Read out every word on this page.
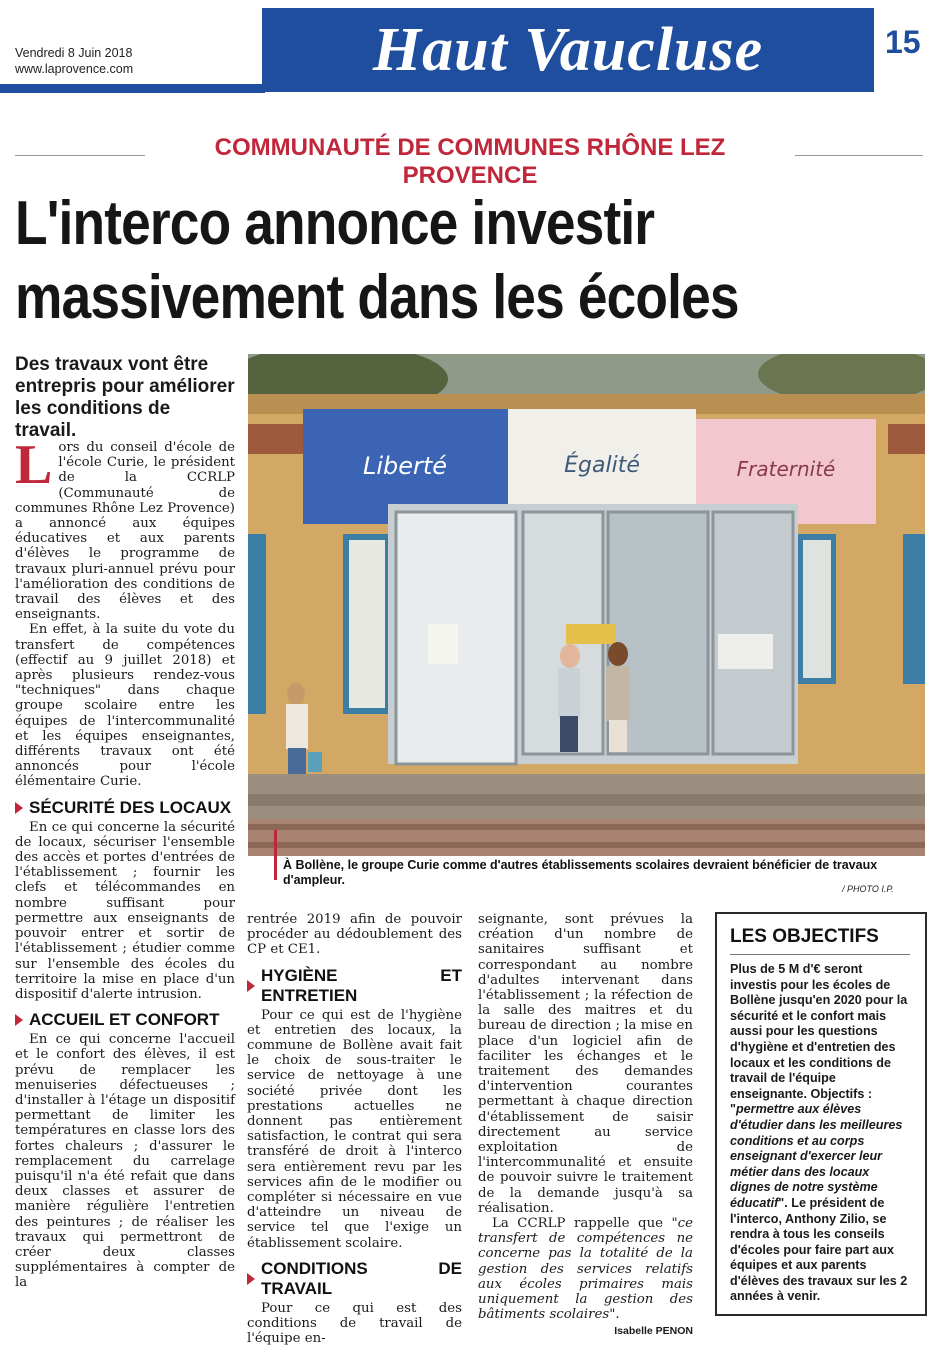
Vendredi 8 Juin 2018
www.laprovence.com	Haut Vaucluse	15
COMMUNAUTÉ DE COMMUNES RHÔNE LEZ PROVENCE
L'interco annonce investir
massivement dans les écoles
Des travaux vont être entrepris pour améliorer les conditions de travail.
Liberté	Égalité	Fraternité
À Bollène, le groupe Curie comme d'autres établissements scolaires devraient bénéficier de travaux d'ampleur.
/ PHOTO I.P.
L ors du conseil d'école de l'école Curie, le président de la CCRLP (Communauté de communes Rhône Lez Provence) a annoncé aux équipes éducatives et aux parents d'élèves le programme de travaux pluri-annuel prévu pour l'amélioration des conditions de travail des élèves et des enseignants.

En effet, à la suite du vote du transfert de compétences (effectif au 9 juillet 2018) et après plusieurs rendez-vous "techniques" dans chaque groupe scolaire entre les équipes de l'intercommunalité et les équipes enseignantes, différents travaux ont été annoncés pour l'école élémentaire Curie.

SÉCURITÉ DES LOCAUX

En ce qui concerne la sécurité de locaux, sécuriser l'ensemble des accès et portes d'entrées de l'établissement ; fournir les clefs et télécommandes en nombre suffisant pour permettre aux enseignants de pouvoir entrer et sortir de l'établissement ; étudier comme sur l'ensemble des écoles du territoire la mise en place d'un dispositif d'alerte intrusion.

ACCUEIL ET CONFORT

En ce qui concerne l'accueil et le confort des élèves, il est prévu de remplacer les menuiseries défectueuses ; d'installer à l'étage un dispositif permettant de limiter les températures en classe lors des fortes chaleurs ; d'assurer le remplacement du carrelage puisqu'il n'a été refait que dans deux classes et assurer de manière régulière l'entretien des peintures ; de réaliser les travaux qui permettront de créer deux classes supplémentaires à compter de la

rentrée 2019 afin de pouvoir procéder au dédoublement des CP et CE1.

HYGIÈNE ET ENTRETIEN

Pour ce qui est de l'hygiène et entretien des locaux, la commune de Bollène avait fait le choix de sous-traiter le service de nettoyage à une société privée dont les prestations actuelles ne donnent pas entièrement satisfaction, le contrat qui sera transféré de droit à l'interco sera entièrement revu par les services afin de le modifier ou compléter si nécessaire en vue d'atteindre un niveau de service tel que l'exige un établissement scolaire.

CONDITIONS DE TRAVAIL

Pour ce qui est des conditions de travail de l'équipe en-

seignante, sont prévues la création d'un nombre de sanitaires suffisant et correspondant au nombre d'adultes intervenant dans l'établissement ; la réfection de la salle des maitres et du bureau de direction ; la mise en place d'un logiciel afin de faciliter les échanges et le traitement des demandes d'intervention courantes permettant à chaque direction d'établissement de saisir directement au service exploitation de l'intercommunalité et ensuite de pouvoir suivre le traitement de la demande jusqu'à sa réalisation.

La CCRLP rappelle que "ce transfert de compétences ne concerne pas la totalité de la gestion des services relatifs aux écoles primaires mais uniquement la gestion des bâtiments scolaires".

Isabelle PENON
LES OBJECTIFS
Plus de 5 M d'€ seront investis pour les écoles de Bollène jusqu'en 2020 pour la sécurité et le confort mais aussi pour les questions d'hygiène et d'entretien des locaux et les conditions de travail de l'équipe enseignante. Objectifs : "permettre aux élèves d'étudier dans les meilleures conditions et au corps enseignant d'exercer leur métier dans des locaux dignes de notre système éducatif". Le président de l'interco, Anthony Zilio, se rendra à tous les conseils d'écoles pour faire part aux équipes et aux parents d'élèves des travaux sur les 2 années à venir.
